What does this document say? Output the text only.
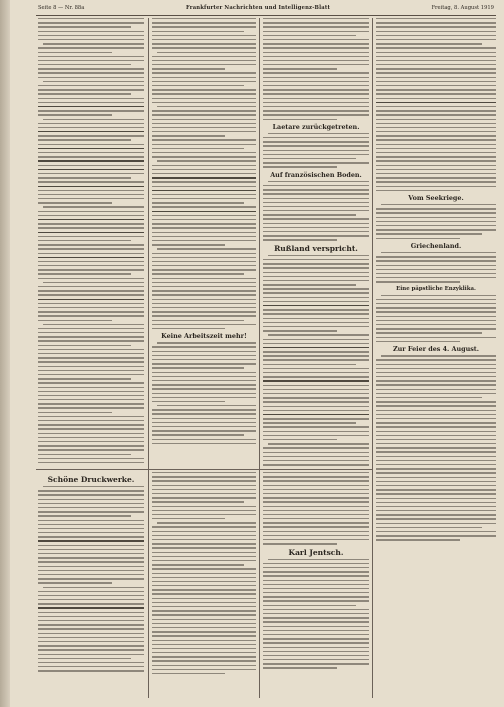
Seite 8 — Nr. 88a	Frankfurter Nachrichten und Intelligenz-Blatt	Freitag, 8. August 1919
Keine Arbeitszeit mehr!
Laetare zurückgetreten.
Auf französischen Boden.
Rußland verspricht.
Vom Seekriege.
Griechenland.
Eine päpstliche Enzyklika.
Zur Feier des 4. August.
Schöne Druckwerke.
Karl Jentsch.
